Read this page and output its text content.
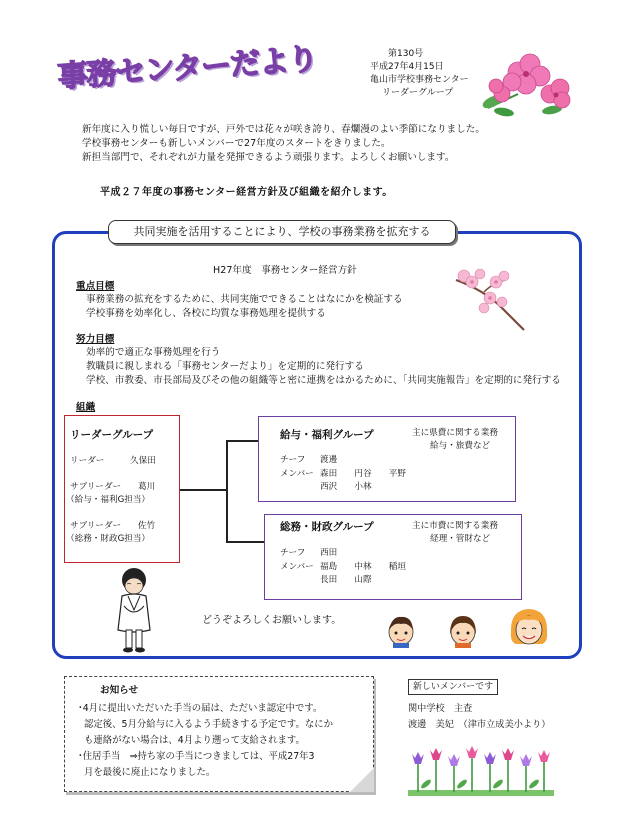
事務センターだより	第130号
平成27年4月15日
亀山市学校事務センター
リーダーグループ
新年度に入り慌しい毎日ですが、戸外では花々が咲き誇り、春爛漫のよい季節になりました。
学校事務センターも新しいメンバーで27年度のスタートをきりました。
新担当部門で、それぞれが力量を発揮できるよう頑張ります。よろしくお願いします。
平成２７年度の事務センター経営方針及び組織を紹介します。
共同実施を活用することにより、学校の事務業務を拡充する
H27年度　事務センター経営方針
重点目標
事務業務の拡充をするために、共同実施でできることはなにかを検証する
学校事務を効率化し、各校に均質な事務処理を提供する
努力目標
効率的で適正な事務処理を行う
教職員に親しまれる「事務センターだより」を定期的に発行する
学校、市教委、市長部局及びその他の組織等と密に連携をはかるために、「共同実施報告」を定期的に発行する
組織
リーダーグループ
リーダー	久保田
サブリーダー 葛川
（給与・福利G担当）
サブリーダー 佐竹
（総務・財政G担当）
給与・福利グループ	主に県費に関する業務
給与・旅費など
チーフ 渡邊
メンバー 森田　　円谷　　平野
西沢　　小林
総務・財政グループ	主に市費に関する業務
経理・管財など
チーフ 西田
メンバー 福島　　中林　　稲垣
長田　　山際
どうぞよろしくお願いします。
お知らせ
･4月に提出いただいた手当の届は、ただいま認定中です。
認定後、5月分給与に入るよう手続きする予定です。なにか
も連絡がない場合は、4月より遡って支給されます。
･住居手当　⇒持ち家の手当につきましては、平成27年3
月を最後に廃止になりました。
新しいメンバーです
関中学校　主査
渡邊　美妃　（津市立成美小より）
